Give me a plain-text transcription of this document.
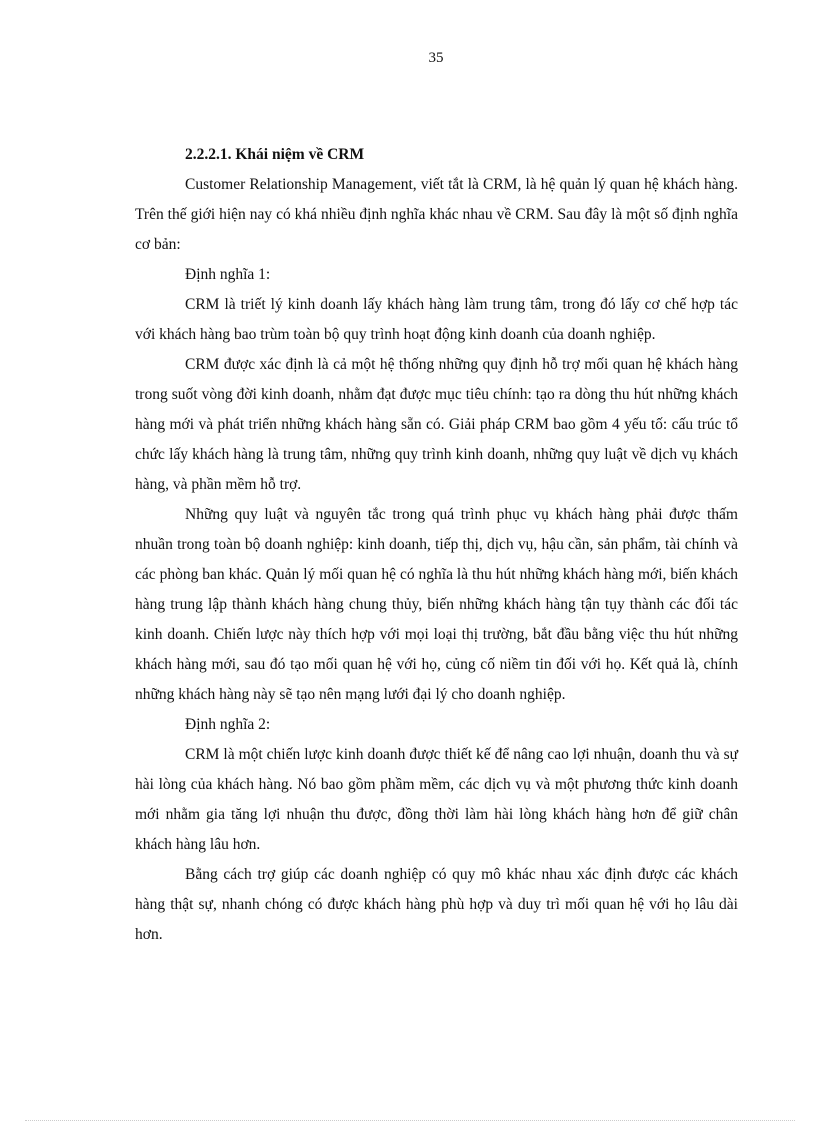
35

2.2.2.1. Khái niệm về CRM

Customer Relationship Management, viết tắt là CRM, là hệ quản lý quan hệ khách hàng. Trên thế giới hiện nay có khá nhiều định nghĩa khác nhau về CRM. Sau đây là một số định nghĩa cơ bản:

Định nghĩa 1:

CRM là triết lý kinh doanh lấy khách hàng làm trung tâm, trong đó lấy cơ chế hợp tác với khách hàng bao trùm toàn bộ quy trình hoạt động kinh doanh của doanh nghiệp.

CRM được xác định là cả một hệ thống những quy định hỗ trợ mối quan hệ khách hàng trong suốt vòng đời kinh doanh, nhằm đạt được mục tiêu chính: tạo ra dòng thu hút những khách hàng mới và phát triển những khách hàng sẵn có. Giải pháp CRM bao gồm 4 yếu tố: cấu trúc tổ chức lấy khách hàng là trung tâm, những quy trình kinh doanh, những quy luật về dịch vụ khách hàng, và phần mềm hỗ trợ.

Những quy luật và nguyên tắc trong quá trình phục vụ khách hàng phải được thấm nhuần trong toàn bộ doanh nghiệp: kinh doanh, tiếp thị, dịch vụ, hậu cần, sản phẩm, tài chính và các phòng ban khác. Quản lý mối quan hệ có nghĩa là thu hút những khách hàng mới, biến khách hàng trung lập thành khách hàng chung thủy, biến những khách hàng tận tụy thành các đối tác kinh doanh. Chiến lược này thích hợp với mọi loại thị trường, bắt đầu bằng việc thu hút những khách hàng mới, sau đó tạo mối quan hệ với họ, củng cố niềm tin đối với họ. Kết quả là, chính những khách hàng này sẽ tạo nên mạng lưới đại lý cho doanh nghiệp.

Định nghĩa 2:

CRM là một chiến lược kinh doanh được thiết kế để nâng cao lợi nhuận, doanh thu và sự hài lòng của khách hàng. Nó bao gồm phầm mềm, các dịch vụ và một phương thức kinh doanh mới nhằm gia tăng lợi nhuận thu được, đồng thời làm hài lòng khách hàng hơn để giữ chân khách hàng lâu hơn.

Bằng cách trợ giúp các doanh nghiệp có quy mô khác nhau xác định được các khách hàng thật sự, nhanh chóng có được khách hàng phù hợp và duy trì mối quan hệ với họ lâu dài hơn.
